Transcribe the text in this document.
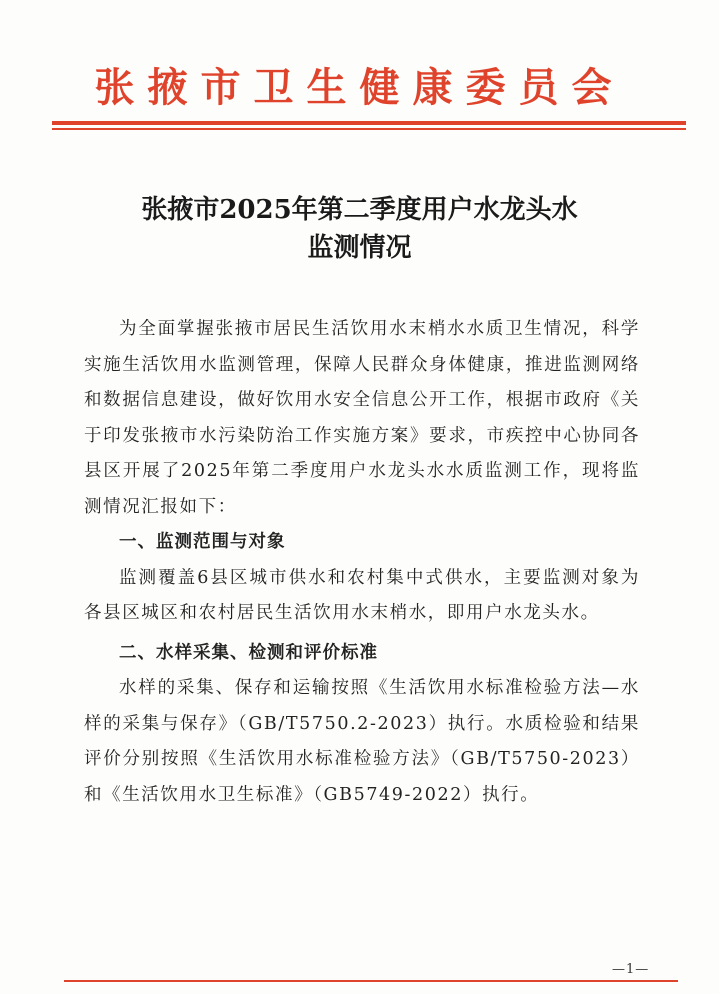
张掖市卫生健康委员会
张掖市2025年第二季度用户水龙头水
监测情况

为全面掌握张掖市居民生活饮用水末梢水水质卫生情况，科学实施生活饮用水监测管理，保障人民群众身体健康，推进监测网络和数据信息建设，做好饮用水安全信息公开工作，根据市政府《关于印发张掖市水污染防治工作实施方案》要求，市疾控中心协同各县区开展了2025年第二季度用户水龙头水水质监测工作，现将监测情况汇报如下：

一、监测范围与对象

监测覆盖6县区城市供水和农村集中式供水，主要监测对象为各县区城区和农村居民生活饮用水末梢水，即用户水龙头水。

二、水样采集、检测和评价标准

水样的采集、保存和运输按照《生活饮用水标准检验方法—水样的采集与保存》（GB/T5750.2-2023）执行。水质检验和结果评价分别按照《生活饮用水标准检验方法》（GB/T5750-2023）和《生活饮用水卫生标准》（GB5749-2022）执行。

—1—
